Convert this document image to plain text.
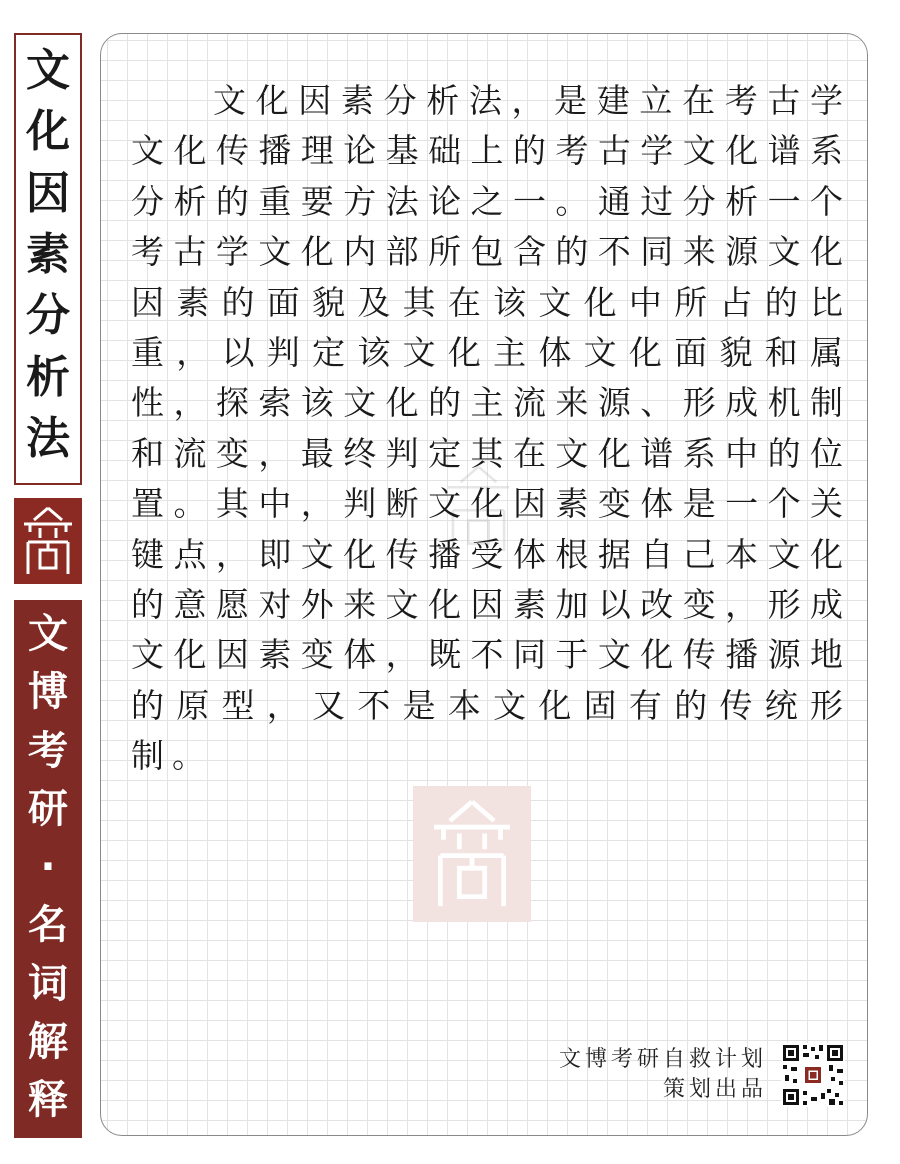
文
化
因
素
分
析
法
文
博
考
研
·
名
词
解
释

文化因素分析法，是建立在考古学文化传播理论基础上的考古学文化谱系分析的重要方法论之一。通过分析一个考古学文化内部所包含的不同来源文化因素的面貌及其在该文化中所占的比重，以判定该文化主体文化面貌和属性，探索该文化的主流来源、形成机制和流变，最终判定其在文化谱系中的位置。其中，判断文化因素变体是一个关键点，即文化传播受体根据自己本文化的意愿对外来文化因素加以改变，形成文化因素变体，既不同于文化传播源地的原型，又不是本文化固有的传统形制。

文博考研自救计划
策划出品
